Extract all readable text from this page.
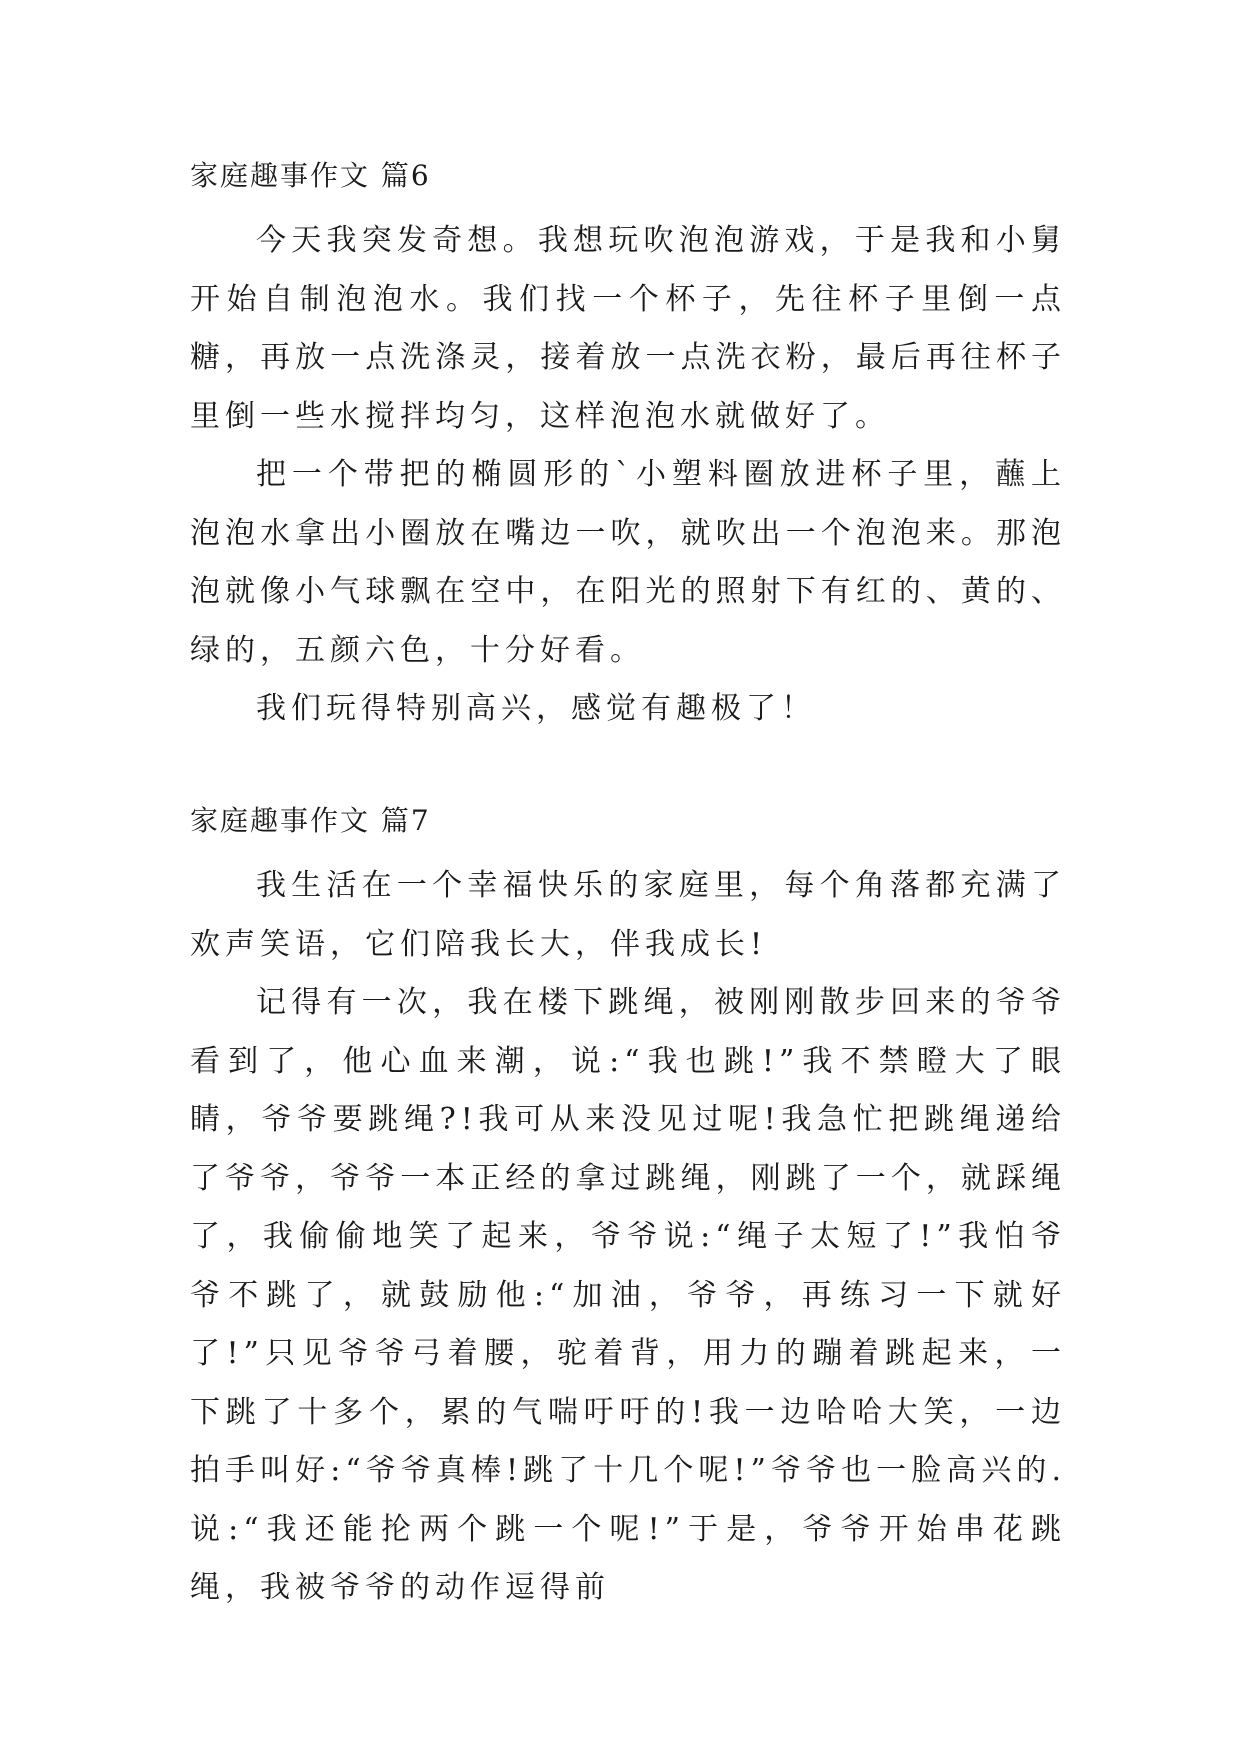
家庭趣事作文 篇6

今天我突发奇想。我想玩吹泡泡游戏，于是我和小舅开始自制泡泡水。我们找一个杯子，先往杯子里倒一点糖，再放一点洗涤灵，接着放一点洗衣粉，最后再往杯子里倒一些水搅拌均匀，这样泡泡水就做好了。

把一个带把的椭圆形的`小塑料圈放进杯子里，蘸上泡泡水拿出小圈放在嘴边一吹，就吹出一个泡泡来。那泡泡就像小气球飘在空中，在阳光的照射下有红的、黄的、绿的，五颜六色，十分好看。

我们玩得特别高兴，感觉有趣极了！

家庭趣事作文 篇7

我生活在一个幸福快乐的家庭里，每个角落都充满了欢声笑语，它们陪我长大，伴我成长!

记得有一次，我在楼下跳绳，被刚刚散步回来的爷爷看到了，他心血来潮，说:“我也跳!”我不禁瞪大了眼睛，爷爷要跳绳?!我可从来没见过呢!我急忙把跳绳递给了爷爷，爷爷一本正经的拿过跳绳，刚跳了一个，就踩绳了，我偷偷地笑了起来，爷爷说:“绳子太短了!”我怕爷爷不跳了，就鼓励他:“加油，爷爷，再练习一下就好了!”只见爷爷弓着腰，驼着背，用力的蹦着跳起来，一下跳了十多个，累的气喘吁吁的!我一边哈哈大笑，一边拍手叫好:“爷爷真棒!跳了十几个呢!”爷爷也一脸高兴的.说:“我还能抡两个跳一个呢!”于是，爷爷开始串花跳绳，我被爷爷的动作逗得前
